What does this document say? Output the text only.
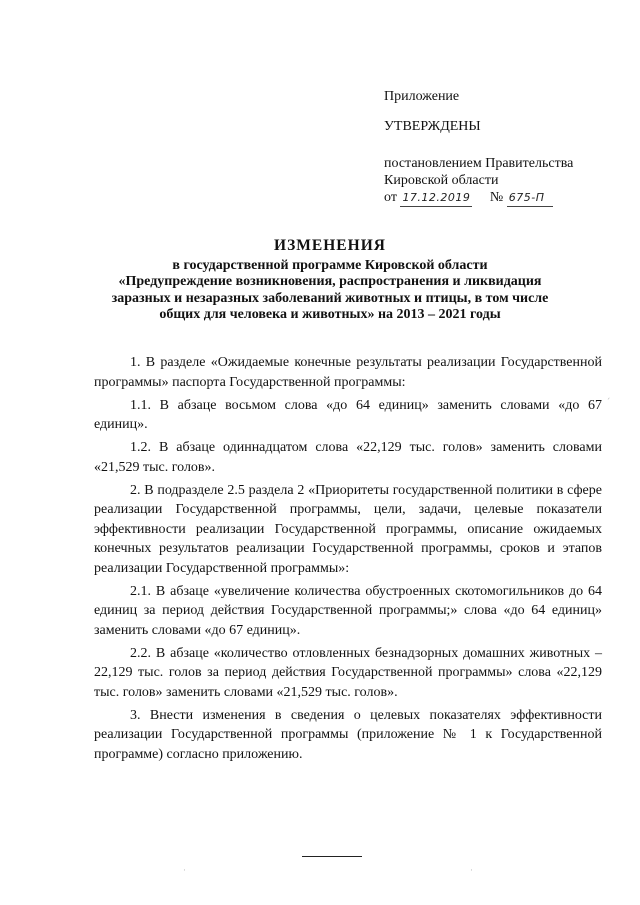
Приложение
УТВЕРЖДЕНЫ
постановлением Правительства
Кировской области
от 17.12.2019 № 675-П
ИЗМЕНЕНИЯ
в государственной программе Кировской области
«Предупреждение возникновения, распространения и ликвидация
заразных и незаразных заболеваний животных и птицы, в том числе
общих для человека и животных» на 2013 – 2021 годы

1. В разделе «Ожидаемые конечные результаты реализации Государственной программы» паспорта Государственной программы:

1.1. В абзаце восьмом слова «до 64 единиц» заменить словами «до 67 единиц».

1.2. В абзаце одиннадцатом слова «22,129 тыс. голов» заменить словами «21,529 тыс. голов».

2. В подразделе 2.5 раздела 2 «Приоритеты государственной политики в сфере реализации Государственной программы, цели, задачи, целевые показатели эффективности реализации Государственной программы, описание ожидаемых конечных результатов реализации Государственной программы, сроков и этапов реализации Государственной программы»:

2.1. В абзаце «увеличение количества обустроенных скотомогильников до 64 единиц за период действия Государственной программы;» слова «до 64 единиц» заменить словами «до 67 единиц».

2.2. В абзаце «количество отловленных безнадзорных домашних животных – 22,129 тыс. голов за период действия Государственной программы» слова «22,129 тыс. голов» заменить словами «21,529 тыс. голов».

3. Внести изменения в сведения о целевых показателях эффективности реализации Государственной программы (приложение № 1 к Государственной программе) согласно приложению.

´
·	·
